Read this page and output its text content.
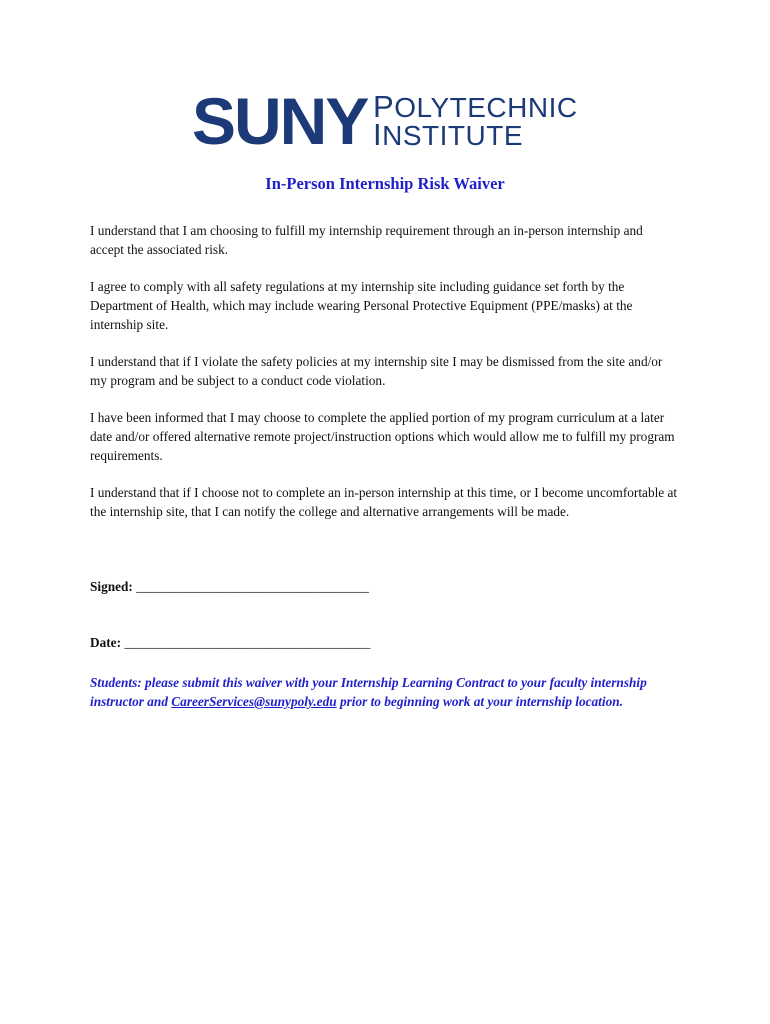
SUNY POLYTECHNIC
INSTITUTE
In-Person Internship Risk Waiver

I understand that I am choosing to fulfill my internship requirement through an in-person internship and accept the associated risk.

I agree to comply with all safety regulations at my internship site including guidance set forth by the Department of Health, which may include wearing Personal Protective Equipment (PPE/masks) at the internship site.

I understand that if I violate the safety policies at my internship site I may be dismissed from the site and/or my program and be subject to a conduct code violation.

I have been informed that I may choose to complete the applied portion of my program curriculum at a later date and/or offered alternative remote project/instruction options which would allow me to fulfill my program requirements.

I understand that if I choose not to complete an in-person internship at this time, or I become uncomfortable at the internship site, that I can notify the college and alternative arrangements will be made.

Signed: ___________________________________
Date: _____________________________________
Students: please submit this waiver with your Internship Learning Contract to your faculty internship instructor and CareerServices@sunypoly.edu prior to beginning work at your internship location.
